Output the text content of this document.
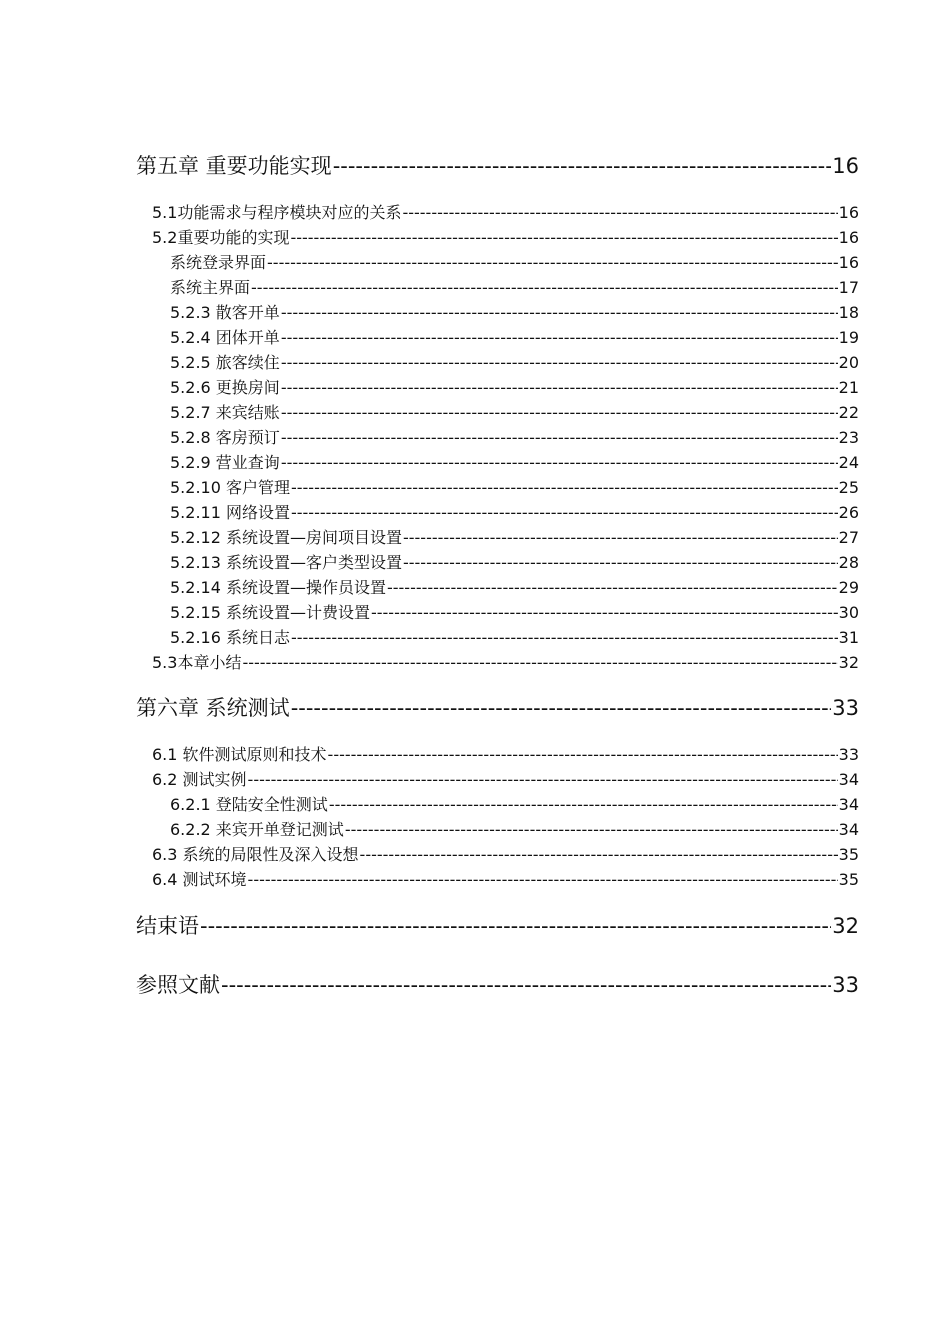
第五章 重要功能实现 -----	16
5.1功能需求与程序模块对应的关系 -----	16
5.2重要功能的实现 -----	16
系统登录界面 -----	16
系统主界面 -----	17
5.2.3 散客开单 -----	18
5.2.4 团体开单 -----	19
5.2.5 旅客续住 -----	20
5.2.6 更换房间 -----	21
5.2.7 来宾结账 -----	22
5.2.8 客房预订 -----	23
5.2.9 营业查询 -----	24
5.2.10 客户管理 -----	25
5.2.11 网络设置 -----	26
5.2.12 系统设置—房间项目设置 -----	27
5.2.13 系统设置—客户类型设置 -----	28
5.2.14 系统设置—操作员设置 -----	29
5.2.15 系统设置—计费设置 -----	30
5.2.16 系统日志 -----	31
5.3本章小结 -----	32
第六章 系统测试 -----	33
6.1 软件测试原则和技术 -----	33
6.2 测试实例 -----	34
6.2.1 登陆安全性测试 -----	34
6.2.2 来宾开单登记测试 -----	34
6.3 系统的局限性及深入设想 -----	35
6.4 测试环境 -----	35
结束语 -----	32
参照文献 -----	33
